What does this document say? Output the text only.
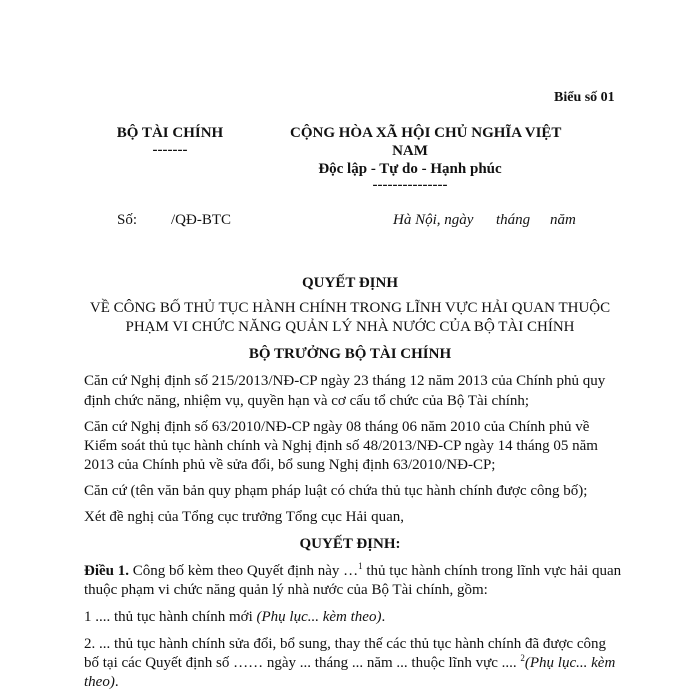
Biểu số 01
BỘ TÀI CHÍNH
-------
CỘNG HÒA XÃ HỘI CHỦ NGHĨA VIỆT
NAM
Độc lập - Tự do - Hạnh phúc
---------------
Số: /QĐ-BTC	Hà Nội, ngày tháng năm
QUYẾT ĐỊNH
VỀ CÔNG BỐ THỦ TỤC HÀNH CHÍNH TRONG LĨNH VỰC HẢI QUAN THUỘC
PHẠM VI CHỨC NĂNG QUẢN LÝ NHÀ NƯỚC CỦA BỘ TÀI CHÍNH
BỘ TRƯỞNG BỘ TÀI CHÍNH
Căn cứ Nghị định số 215/2013/NĐ-CP ngày 23 tháng 12 năm 2013 của Chính phủ quy
định chức năng, nhiệm vụ, quyền hạn và cơ cấu tổ chức của Bộ Tài chính;
Căn cứ Nghị định số 63/2010/NĐ-CP ngày 08 tháng 06 năm 2010 của Chính phủ về
Kiểm soát thủ tục hành chính và Nghị định số 48/2013/NĐ-CP ngày 14 tháng 05 năm
2013 của Chính phủ về sửa đổi, bổ sung Nghị định 63/2010/NĐ-CP;
Căn cứ (tên văn bản quy phạm pháp luật có chứa thủ tục hành chính được công bố);
Xét đề nghị của Tổng cục trưởng Tổng cục Hải quan,
QUYẾT ĐỊNH:
Điều 1. Công bố kèm theo Quyết định này …$^1$ thủ tục hành chính trong lĩnh vực hải quan
thuộc phạm vi chức năng quản lý nhà nước của Bộ Tài chính, gồm:
1 .... thủ tục hành chính mới (Phụ lục... kèm theo).
2. ... thủ tục hành chính sửa đổi, bổ sung, thay thế các thủ tục hành chính đã được công
bố tại các Quyết định số …… ngày ... tháng ... năm ... thuộc lĩnh vực .... $^2$(Phụ lục... kèm
theo).
